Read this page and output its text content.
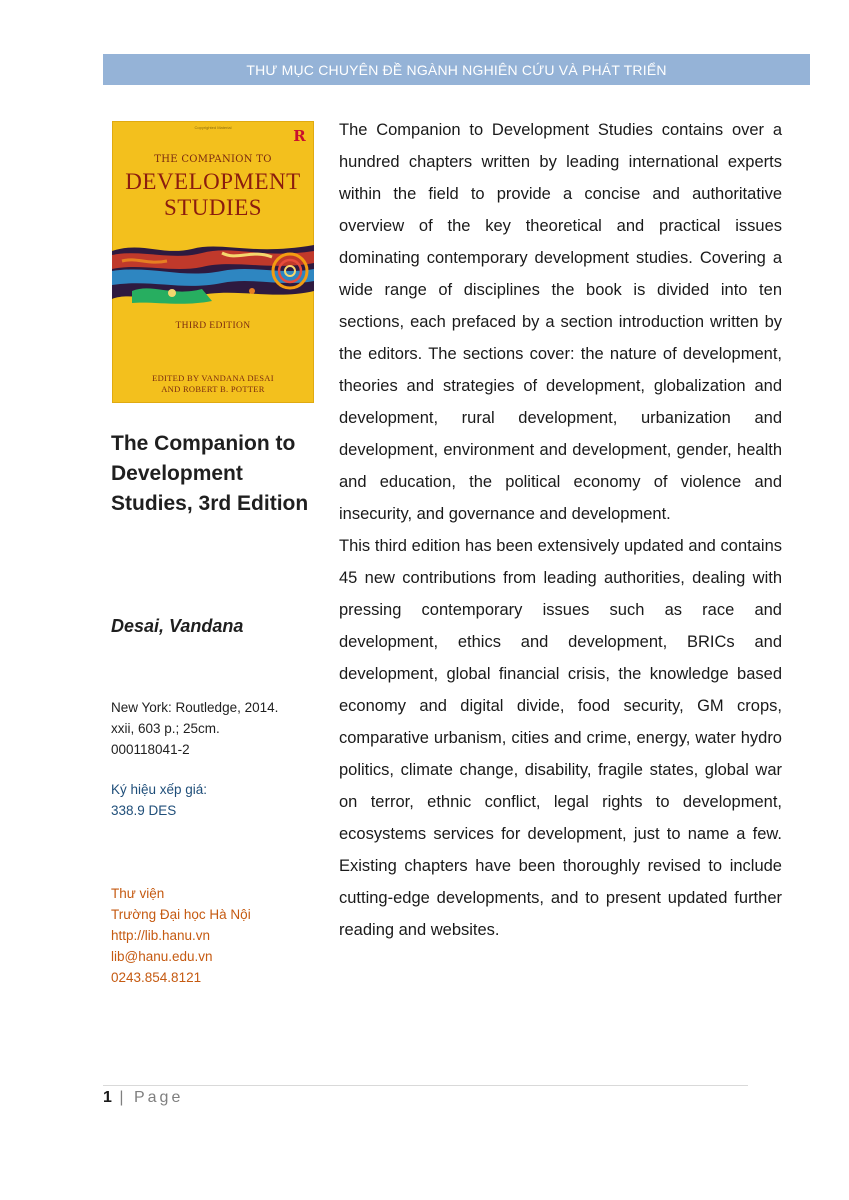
THƯ MỤC CHUYÊN ĐỀ NGÀNH NGHIÊN CỨU VÀ PHÁT TRIỂN
Copyrighted Material	R
THE COMPANION TO
DEVELOPMENT
STUDIES
THIRD EDITION
EDITED BY VANDANA DESAI
AND ROBERT B. POTTER
The Companion to Development Studies, 3rd Edition
Desai, Vandana
New York: Routledge, 2014.
xxii, 603 p.; 25cm.
000118041-2
Ký hiệu xếp giá:
338.9 DES
Thư viện
Trường Đại học Hà Nội
http://lib.hanu.vn
lib@hanu.edu.vn
0243.854.8121

The Companion to Development Studies contains over a hundred chapters written by leading international experts within the field to provide a concise and authoritative overview of the key theoretical and practical issues dominating contemporary development studies. Covering a wide range of disciplines the book is divided into ten sections, each prefaced by a section introduction written by the editors. The sections cover: the nature of development, theories and strategies of development, globalization and development, rural development, urbanization and development, environment and development, gender, health and education, the political economy of violence and insecurity, and governance and development.

This third edition has been extensively updated and contains 45 new contributions from leading authorities, dealing with pressing contemporary issues such as race and development, ethics and development, BRICs and development, global financial crisis, the knowledge based economy and digital divide, food security, GM crops, comparative urbanism, cities and crime, energy, water hydro politics, climate change, disability, fragile states, global war on terror, ethnic conflict, legal rights to development, ecosystems services for development, just to name a few. Existing chapters have been thoroughly revised to include cutting-edge developments, and to present updated further reading and websites.

1 | Page
